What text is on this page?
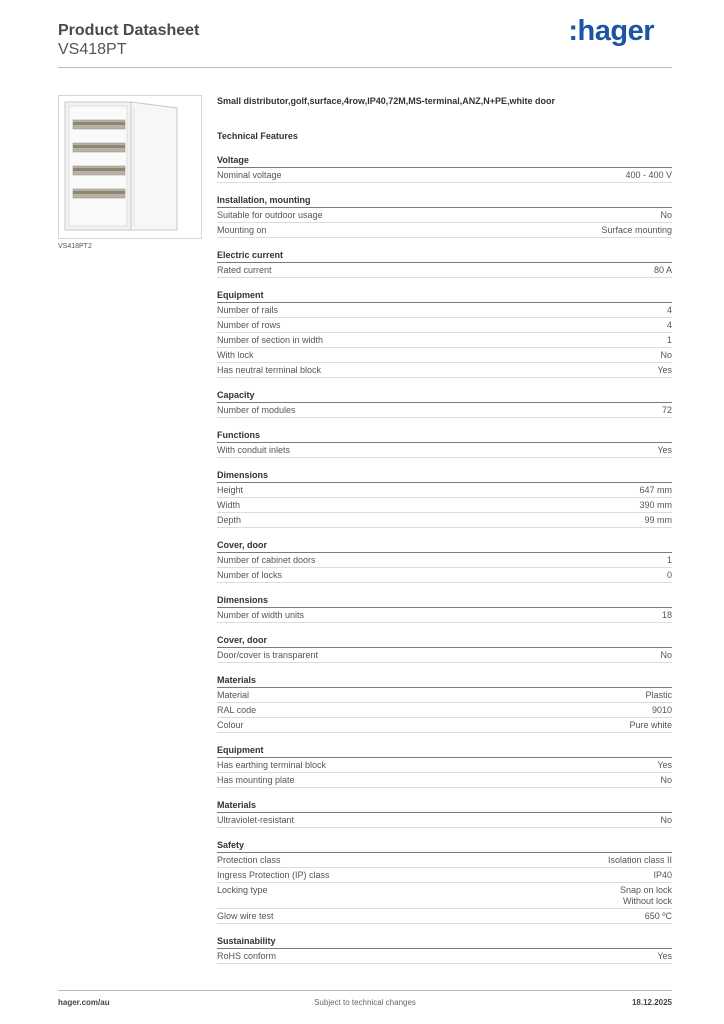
Product Datasheet
VS418PT
:hager
VS418PT2
Small distributor,golf,surface,4row,IP40,72M,MS-terminal,ANZ,N+PE,white door
Technical Features
Voltage
Nominal voltage	400 - 400 V
Installation, mounting
Suitable for outdoor usage	No
Mounting on	Surface mounting
Electric current
Rated current	80 A
Equipment
Number of rails	4
Number of rows	4
Number of section in width	1
With lock	No
Has neutral terminal block	Yes
Capacity
Number of modules	72
Functions
With conduit inlets	Yes
Dimensions
Height	647 mm
Width	390 mm
Depth	99 mm
Cover, door
Number of cabinet doors	1
Number of locks	0
Dimensions
Number of width units	18
Cover, door
Door/cover is transparent	No
Materials
Material	Plastic
RAL code	9010
Colour	Pure white
Equipment
Has earthing terminal block	Yes
Has mounting plate	No
Materials
Ultraviolet-resistant	No
Safety
Protection class	Isolation class II
Ingress Protection (IP) class	IP40
Locking type	Snap on lock
Without lock
Glow wire test	650 ºC
Sustainability
RoHS conform	Yes
hager.com/au	Subject to technical changes	18.12.2025
